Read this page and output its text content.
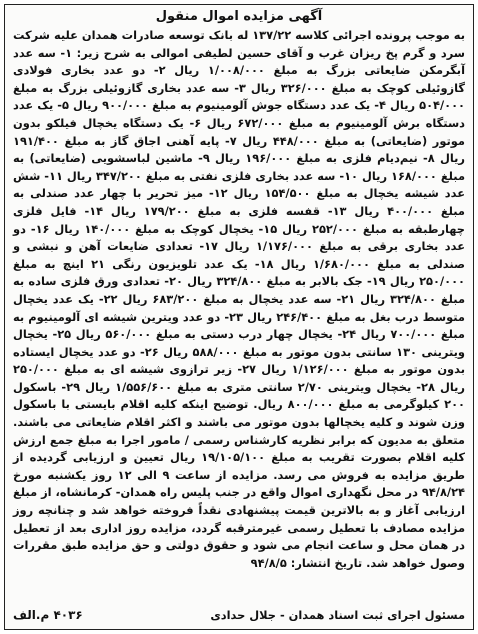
آگهی مزایده اموال منقول

به موجب پرونده اجرائی کلاسه ۱۳۷/۲۲ له بانک توسعه صادرات همدان علیه شرکت سرد و گرم پخ ریزان غرب و آقای حسین لطیفی اموالی به شرح زیر: ۱- سه عدد آبگرمکن ضایعاتی بزرگ به مبلغ ۱/۰۰۸/۰۰۰ ریال ۲- دو عدد بخاری فولادی گازوئیلی کوچک به مبلغ ۳۲۶/۰۰۰ ریال ۳- سه عدد بخاری گازوئیلی بزرگ به مبلغ ۵۰۴/۰۰۰ ریال ۴- یک عدد دستگاه جوش آلومینیوم به مبلغ ۹۰۰/۰۰۰ ریال ۵- یک عدد دستگاه برش آلومینیوم به مبلغ ۶۷۲/۰۰۰ ریال ۶- یک دستگاه یخچال فیلکو بدون موتور (ضایعاتی) به مبلغ ۴۴۸/۰۰۰ ریال ۷- پایه آهنی اجاق گاز به مبلغ ۱۹۱/۴۰۰ ریال ۸- نیم‌دیام فلزی به مبلغ ۱۹۶/۰۰۰ ریال ۹- ماشین لباسشویی (ضایعاتی) به مبلغ ۱۶۸/۰۰۰ ریال ۱۰- سه عدد بخاری فلزی نفتی به مبلغ ۳۴۷/۲۰۰ ریال ۱۱- شش عدد شیشه یخچال به مبلغ ۱۵۴/۵۰۰ ریال ۱۲- میز تحریر با چهار عدد صندلی به مبلغ ۴۰۰/۰۰۰ ریال ۱۳- قفسه فلزی به مبلغ ۱۷۹/۲۰۰ ریال ۱۴- فایل فلزی چهارطبقه به مبلغ ۲۵۲/۰۰۰ ریال ۱۵- یخچال کوچک به مبلغ ۱۴۰/۰۰۰ ریال ۱۶- دو عدد بخاری برقی به مبلغ ۱/۱۷۶/۰۰۰ ریال ۱۷- تعدادی ضایعات آهن و نبشی و صندلی به مبلغ ۱/۶۸۰/۰۰۰ ریال ۱۸- یک عدد تلویزیون رنگی ۲۱ اینچ به مبلغ ۲۵۰/۰۰۰ ریال ۱۹- جک بالابر به مبلغ ۳۲۴/۸۰۰ ریال ۲۰- تعدادی ورق فلزی ساده به مبلغ ۳۲۴/۸۰۰ ریال ۲۱- سه عدد یخچال به مبلغ ۶۸۳/۲۰۰ ریال ۲۲- یک عدد یخچال متوسط درب بغل به مبلغ ۲۴۶/۴۰۰ ریال ۲۳- دو عدد ویترین شیشه ای آلومینیوم به مبلغ ۷۰۰/۰۰۰ ریال ۲۴- یخچال چهار درب دستی به مبلغ ۵۶۰/۰۰۰ ریال ۲۵- یخچال ویترینی ۱۳۰ سانتی بدون موتور به مبلغ ۵۸۸/۰۰۰ ریال ۲۶- دو عدد یخچال ایستاده بدون موتور به مبلغ ۱/۱۲۶/۰۰۰ ریال ۲۷- زیر ترازوی شیشه ای به مبلغ ۲۵۰/۰۰۰ ریال ۲۸- یخچال ویترینی ۲/۷۰ سانتی متری به مبلغ ۱/۵۵۶/۶۰۰ ریال ۲۹- باسکول ۲۰۰ کیلوگرمی به مبلغ ۸۰۰/۰۰۰ ریال. توضیح اینکه کلیه اقلام بایستی با باسکول وزن شوند و کلیه یخچالها بدون موتور می باشند و اکثر اقلام ضایعاتی می باشند. متعلق به مدیون که برابر نظریه کارشناس رسمی / مامور اجرا به مبلغ جمع ارزش کلیه اقلام بصورت تقریب به مبلغ ۱۹/۱۰۵/۱۰۰ ریال تعیین و ارزیابی گردیده از طریق مزایده به فروش می رسد. مزایده از ساعت ۹ الی ۱۲ روز یکشنبه مورخ ۹۴/۸/۲۴ در محل نگهداری اموال واقع در جنب پلیس راه همدان- کرمانشاه، از مبلغ ارزیابی آغاز و به بالاترین قیمت پیشنهادی نقداً فروخته خواهد شد و چنانچه روز مزایده مصادف با تعطیل رسمی غیرمترقبه گردد، مزایده روز اداری بعد از تعطیل در همان محل و ساعت انجام می شود و حقوق دولتی و حق مزایده طبق مقررات وصول خواهد شد. تاریخ انتشار: ۹۴/۸/۵

مسئول اجرای ثبت اسناد همدان - جلال حدادی
۴۰۳۶ م.الف
